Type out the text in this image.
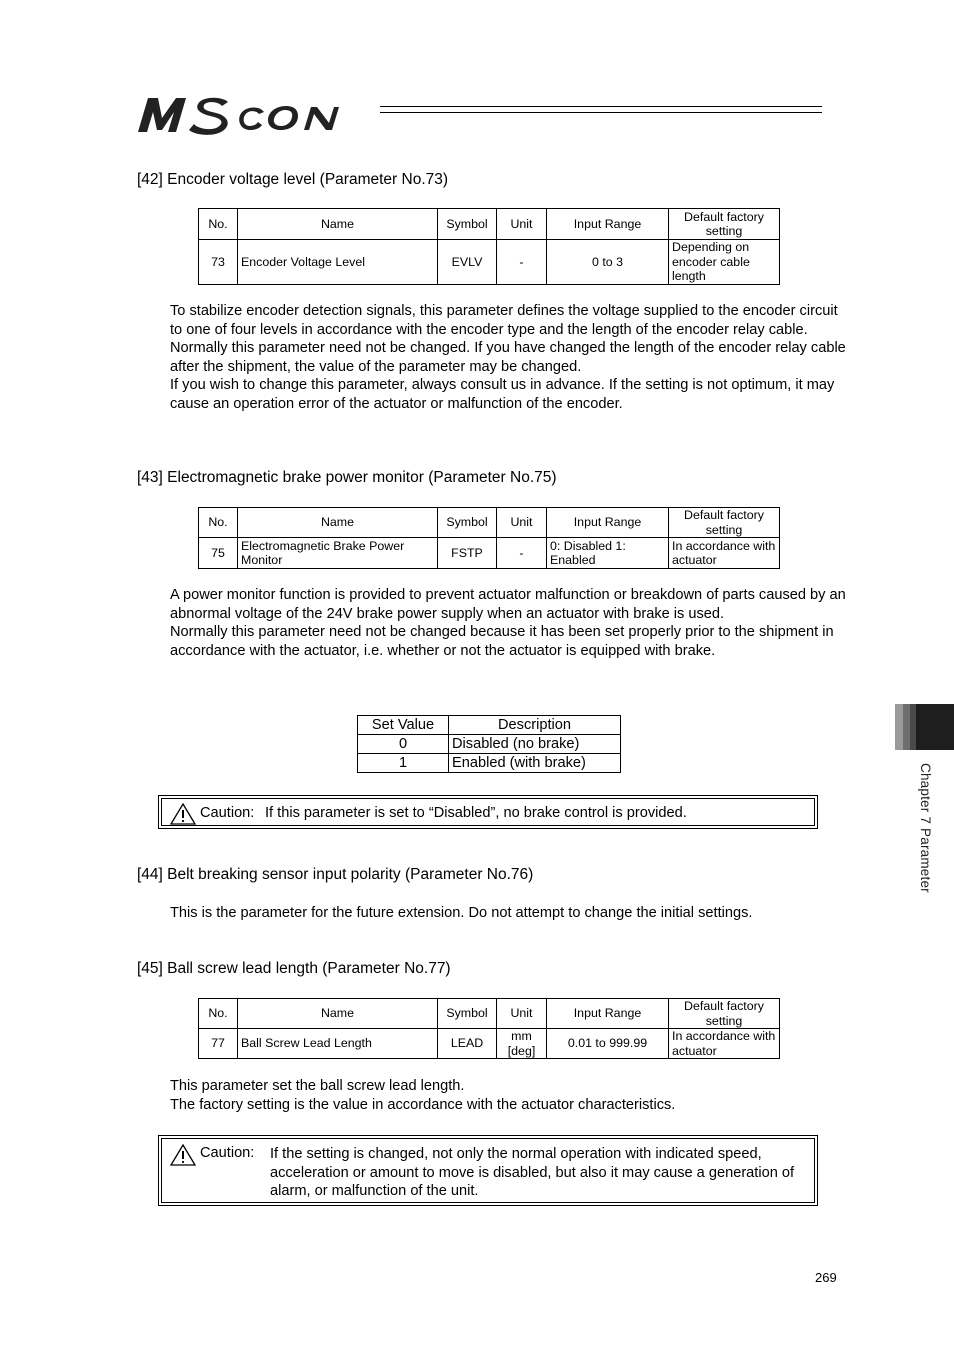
[42] Encoder voltage level (Parameter No.73)
No.	Name	Symbol	Unit	Input Range	Default factory setting
73	Encoder Voltage Level	EVLV	-	0 to 3	Depending on encoder cable length

To stabilize encoder detection signals, this parameter defines the voltage supplied to the encoder circuit to one of four levels in accordance with the encoder type and the length of the encoder relay cable.

Normally this parameter need not be changed. If you have changed the length of the encoder relay cable after the shipment, the value of the parameter may be changed.

If you wish to change this parameter, always consult us in advance. If the setting is not optimum, it may cause an operation error of the actuator or malfunction of the encoder.

[43] Electromagnetic brake power monitor (Parameter No.75)
No.	Name	Symbol	Unit	Input Range	Default factory setting
75	Electromagnetic Brake Power Monitor	FSTP	-	0: Disabled 1: Enabled	In accordance with actuator

A power monitor function is provided to prevent actuator malfunction or breakdown of parts caused by an abnormal voltage of the 24V brake power supply when an actuator with brake is used.

Normally this parameter need not be changed because it has been set properly prior to the shipment in accordance with the actuator, i.e. whether or not the actuator is equipped with brake.

Set Value	Description
0	Disabled (no brake)
1	Enabled (with brake)
Caution: If this parameter is set to “Disabled”, no brake control is provided.
[44] Belt breaking sensor input polarity (Parameter No.76)

This is the parameter for the future extension. Do not attempt to change the initial settings.

[45] Ball screw lead length (Parameter No.77)
No.	Name	Symbol	Unit	Input Range	Default factory setting
77	Ball Screw Lead Length	LEAD	mm [deg]	0.01 to 999.99	In accordance with actuator

This parameter set the ball screw lead length.

The factory setting is the value in accordance with the actuator characteristics.

Caution: If the setting is changed, not only the normal operation with indicated speed, acceleration or amount to move is disabled, but also it may cause a generation of alarm, or malfunction of the unit.
Chapter 7 Parameter
269
